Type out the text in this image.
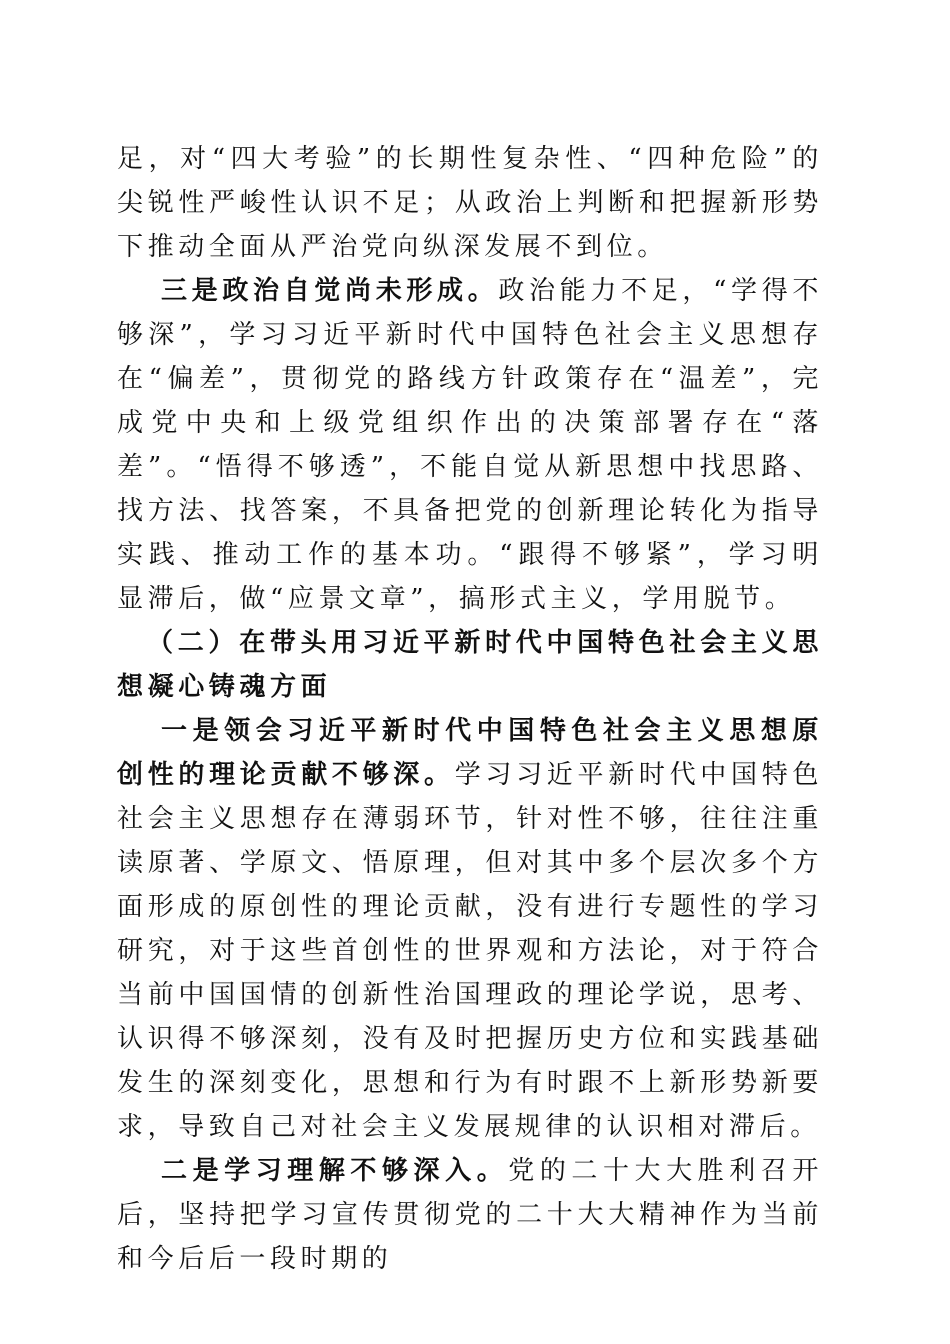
足，对“四大考验”的长期性复杂性、“四种危险”的尖锐性严峻性认识不足；从政治上判断和把握新形势下推动全面从严治党向纵深发展不到位。

三是政治自觉尚未形成。政治能力不足，“学得不够深”，学习习近平新时代中国特色社会主义思想存在“偏差”，贯彻党的路线方针政策存在“温差”，完成党中央和上级党组织作出的决策部署存在“落差”。“悟得不够透”，不能自觉从新思想中找思路、找方法、找答案，不具备把党的创新理论转化为指导实践、推动工作的基本功。“跟得不够紧”，学习明显滞后，做“应景文章”，搞形式主义，学用脱节。

（二）在带头用习近平新时代中国特色社会主义思想凝心铸魂方面

一是领会习近平新时代中国特色社会主义思想原创性的理论贡献不够深。学习习近平新时代中国特色社会主义思想存在薄弱环节，针对性不够，往往注重读原著、学原文、悟原理，但对其中多个层次多个方面形成的原创性的理论贡献，没有进行专题性的学习研究，对于这些首创性的世界观和方法论，对于符合当前中国国情的创新性治国理政的理论学说，思考、认识得不够深刻，没有及时把握历史方位和实践基础发生的深刻变化，思想和行为有时跟不上新形势新要求，导致自己对社会主义发展规律的认识相对滞后。

二是学习理解不够深入。党的二十大大胜利召开后，坚持把学习宣传贯彻党的二十大大精神作为当前和今后后一段时期的
